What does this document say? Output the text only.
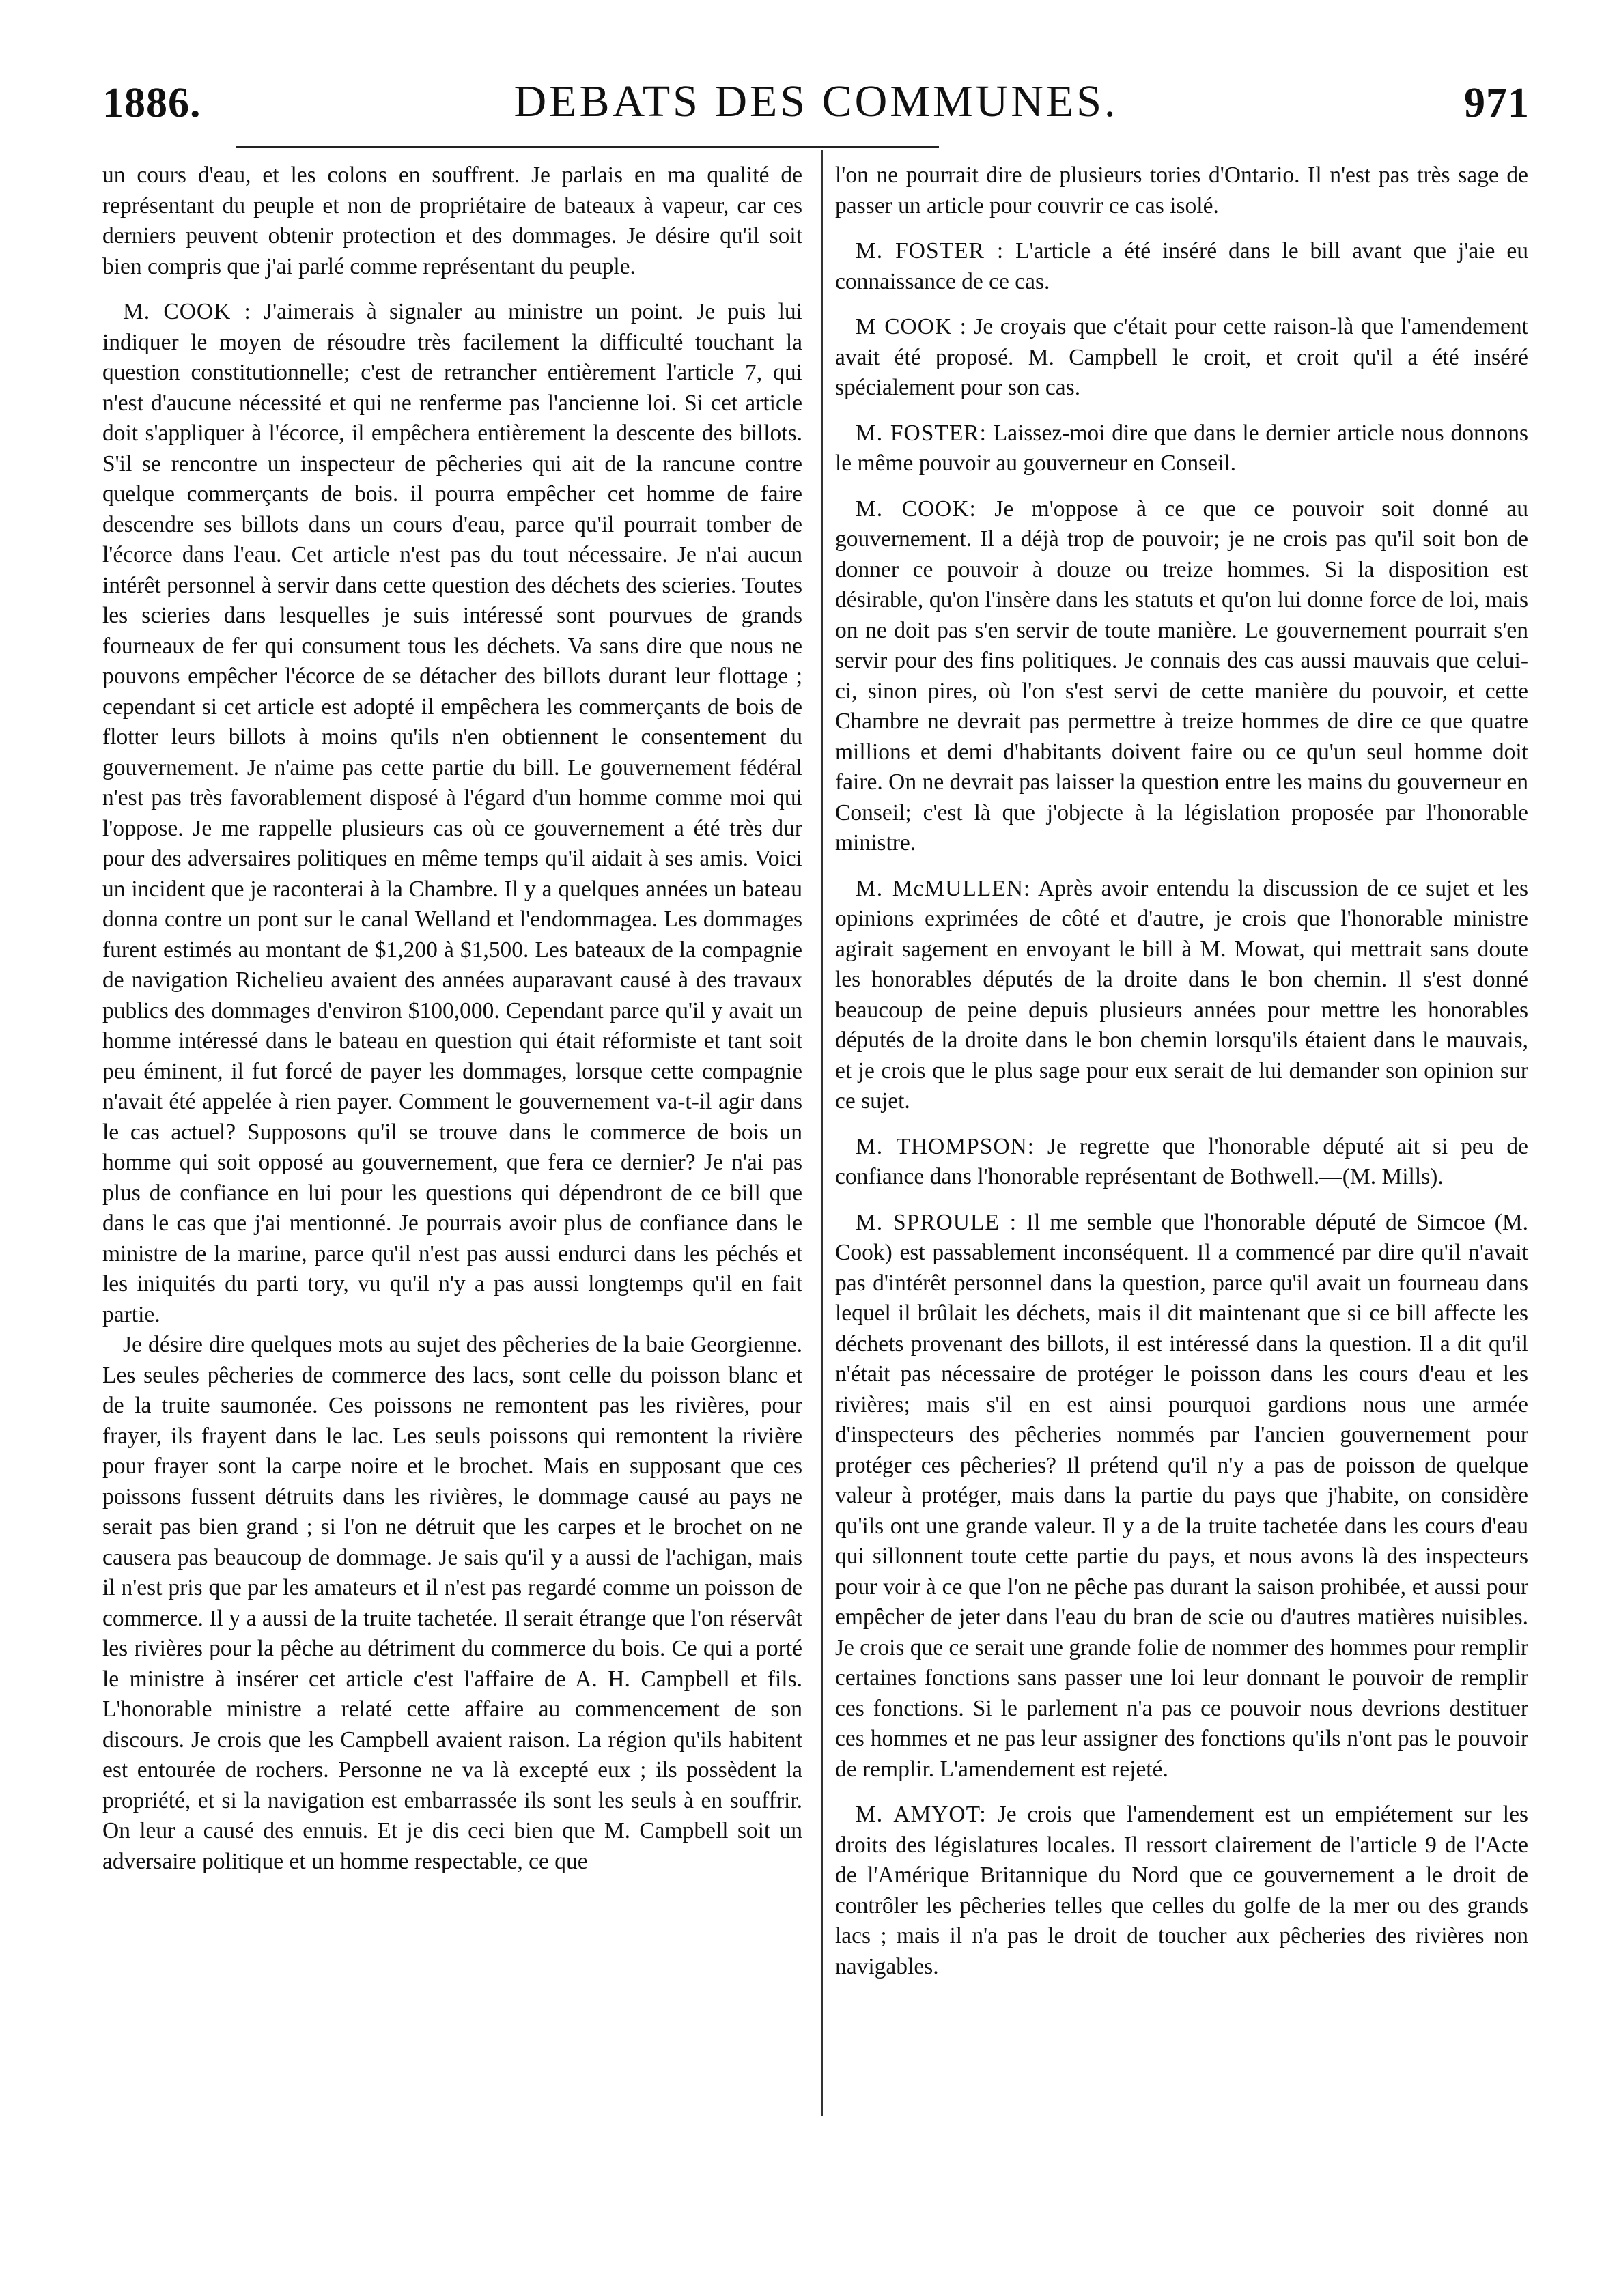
1886.	DEBATS DES COMMUNES.	971

un cours d'eau, et les colons en souffrent. Je parlais en ma qualité de représentant du peuple et non de propriétaire de bateaux à vapeur, car ces derniers peuvent obtenir protection et des dommages. Je désire qu'il soit bien compris que j'ai parlé comme représentant du peuple.

M. COOK : J'aimerais à signaler au ministre un point. Je puis lui indiquer le moyen de résoudre très facilement la difficulté touchant la question constitutionnelle; c'est de retrancher entièrement l'article 7, qui n'est d'aucune nécessité et qui ne renferme pas l'ancienne loi. Si cet article doit s'appliquer à l'écorce, il empêchera entièrement la descente des billots. S'il se rencontre un inspecteur de pêcheries qui ait de la rancune contre quelque commerçants de bois. il pourra empêcher cet homme de faire descendre ses billots dans un cours d'eau, parce qu'il pourrait tomber de l'écorce dans l'eau. Cet article n'est pas du tout nécessaire. Je n'ai aucun intérêt personnel à servir dans cette question des déchets des scieries. Toutes les scieries dans lesquelles je suis intéressé sont pourvues de grands fourneaux de fer qui consument tous les déchets. Va sans dire que nous ne pouvons empêcher l'écorce de se détacher des billots durant leur flottage ; cependant si cet article est adopté il empêchera les commerçants de bois de flotter leurs billots à moins qu'ils n'en obtiennent le consentement du gouvernement. Je n'aime pas cette partie du bill. Le gouvernement fédéral n'est pas très favorablement disposé à l'égard d'un homme comme moi qui l'oppose. Je me rappelle plusieurs cas où ce gouvernement a été très dur pour des adversaires politiques en même temps qu'il aidait à ses amis. Voici un incident que je raconterai à la Chambre. Il y a quelques années un bateau donna contre un pont sur le canal Welland et l'endommagea. Les dommages furent estimés au montant de $1,200 à $1,500. Les bateaux de la compagnie de navigation Richelieu avaient des années auparavant causé à des travaux publics des dommages d'environ $100,000. Cependant parce qu'il y avait un homme intéressé dans le bateau en question qui était réformiste et tant soit peu éminent, il fut forcé de payer les dommages, lorsque cette compagnie n'avait été appelée à rien payer. Comment le gouvernement va-t-il agir dans le cas actuel? Supposons qu'il se trouve dans le commerce de bois un homme qui soit opposé au gouvernement, que fera ce dernier? Je n'ai pas plus de confiance en lui pour les questions qui dépendront de ce bill que dans le cas que j'ai mentionné. Je pourrais avoir plus de confiance dans le ministre de la marine, parce qu'il n'est pas aussi endurci dans les péchés et les iniquités du parti tory, vu qu'il n'y a pas aussi longtemps qu'il en fait partie.

Je désire dire quelques mots au sujet des pêcheries de la baie Georgienne. Les seules pêcheries de commerce des lacs, sont celle du poisson blanc et de la truite saumonée. Ces poissons ne remontent pas les rivières, pour frayer, ils frayent dans le lac. Les seuls poissons qui remontent la rivière pour frayer sont la carpe noire et le brochet. Mais en supposant que ces poissons fussent détruits dans les rivières, le dommage causé au pays ne serait pas bien grand ; si l'on ne détruit que les carpes et le brochet on ne causera pas beaucoup de dommage. Je sais qu'il y a aussi de l'achigan, mais il n'est pris que par les amateurs et il n'est pas regardé comme un poisson de commerce. Il y a aussi de la truite tachetée. Il serait étrange que l'on réservât les rivières pour la pêche au détriment du commerce du bois. Ce qui a porté le ministre à insérer cet article c'est l'affaire de A. H. Campbell et fils. L'honorable ministre a relaté cette affaire au commencement de son discours. Je crois que les Campbell avaient raison. La région qu'ils habitent est entourée de rochers. Personne ne va là excepté eux ; ils possèdent la propriété, et si la navigation est embarrassée ils sont les seuls à en souffrir. On leur a causé des ennuis. Et je dis ceci bien que M. Campbell soit un adversaire politique et un homme respectable, ce que

l'on ne pourrait dire de plusieurs tories d'Ontario. Il n'est pas très sage de passer un article pour couvrir ce cas isolé.

M. FOSTER : L'article a été inséré dans le bill avant que j'aie eu connaissance de ce cas.

M COOK : Je croyais que c'était pour cette raison-là que l'amendement avait été proposé. M. Campbell le croit, et croit qu'il a été inséré spécialement pour son cas.

M. FOSTER: Laissez-moi dire que dans le dernier article nous donnons le même pouvoir au gouverneur en Conseil.

M. COOK: Je m'oppose à ce que ce pouvoir soit donné au gouvernement. Il a déjà trop de pouvoir; je ne crois pas qu'il soit bon de donner ce pouvoir à douze ou treize hommes. Si la disposition est désirable, qu'on l'insère dans les statuts et qu'on lui donne force de loi, mais on ne doit pas s'en servir de toute manière. Le gouvernement pourrait s'en servir pour des fins politiques. Je connais des cas aussi mauvais que celui-ci, sinon pires, où l'on s'est servi de cette manière du pouvoir, et cette Chambre ne devrait pas permettre à treize hommes de dire ce que quatre millions et demi d'habitants doivent faire ou ce qu'un seul homme doit faire. On ne devrait pas laisser la question entre les mains du gouverneur en Conseil; c'est là que j'objecte à la législation proposée par l'honorable ministre.

M. McMULLEN: Après avoir entendu la discussion de ce sujet et les opinions exprimées de côté et d'autre, je crois que l'honorable ministre agirait sagement en envoyant le bill à M. Mowat, qui mettrait sans doute les honorables députés de la droite dans le bon chemin. Il s'est donné beaucoup de peine depuis plusieurs années pour mettre les honorables députés de la droite dans le bon chemin lorsqu'ils étaient dans le mauvais, et je crois que le plus sage pour eux serait de lui demander son opinion sur ce sujet.

M. THOMPSON: Je regrette que l'honorable député ait si peu de confiance dans l'honorable représentant de Bothwell.—(M. Mills).

M. SPROULE : Il me semble que l'honorable député de Simcoe (M. Cook) est passablement inconséquent. Il a commencé par dire qu'il n'avait pas d'intérêt personnel dans la question, parce qu'il avait un fourneau dans lequel il brûlait les déchets, mais il dit maintenant que si ce bill affecte les déchets provenant des billots, il est intéressé dans la question. Il a dit qu'il n'était pas nécessaire de protéger le poisson dans les cours d'eau et les rivières; mais s'il en est ainsi pourquoi gardions nous une armée d'inspecteurs des pêcheries nommés par l'ancien gouvernement pour protéger ces pêcheries? Il prétend qu'il n'y a pas de poisson de quelque valeur à protéger, mais dans la partie du pays que j'habite, on considère qu'ils ont une grande valeur. Il y a de la truite tachetée dans les cours d'eau qui sillonnent toute cette partie du pays, et nous avons là des inspecteurs pour voir à ce que l'on ne pêche pas durant la saison prohibée, et aussi pour empêcher de jeter dans l'eau du bran de scie ou d'autres matières nuisibles. Je crois que ce serait une grande folie de nommer des hommes pour remplir certaines fonctions sans passer une loi leur donnant le pouvoir de remplir ces fonctions. Si le parlement n'a pas ce pouvoir nous devrions destituer ces hommes et ne pas leur assigner des fonctions qu'ils n'ont pas le pouvoir de remplir. L'amendement est rejeté.

M. AMYOT: Je crois que l'amendement est un empiétement sur les droits des législatures locales. Il ressort clairement de l'article 9 de l'Acte de l'Amérique Britannique du Nord que ce gouvernement a le droit de contrôler les pêcheries telles que celles du golfe de la mer ou des grands lacs ; mais il n'a pas le droit de toucher aux pêcheries des rivières non navigables.
